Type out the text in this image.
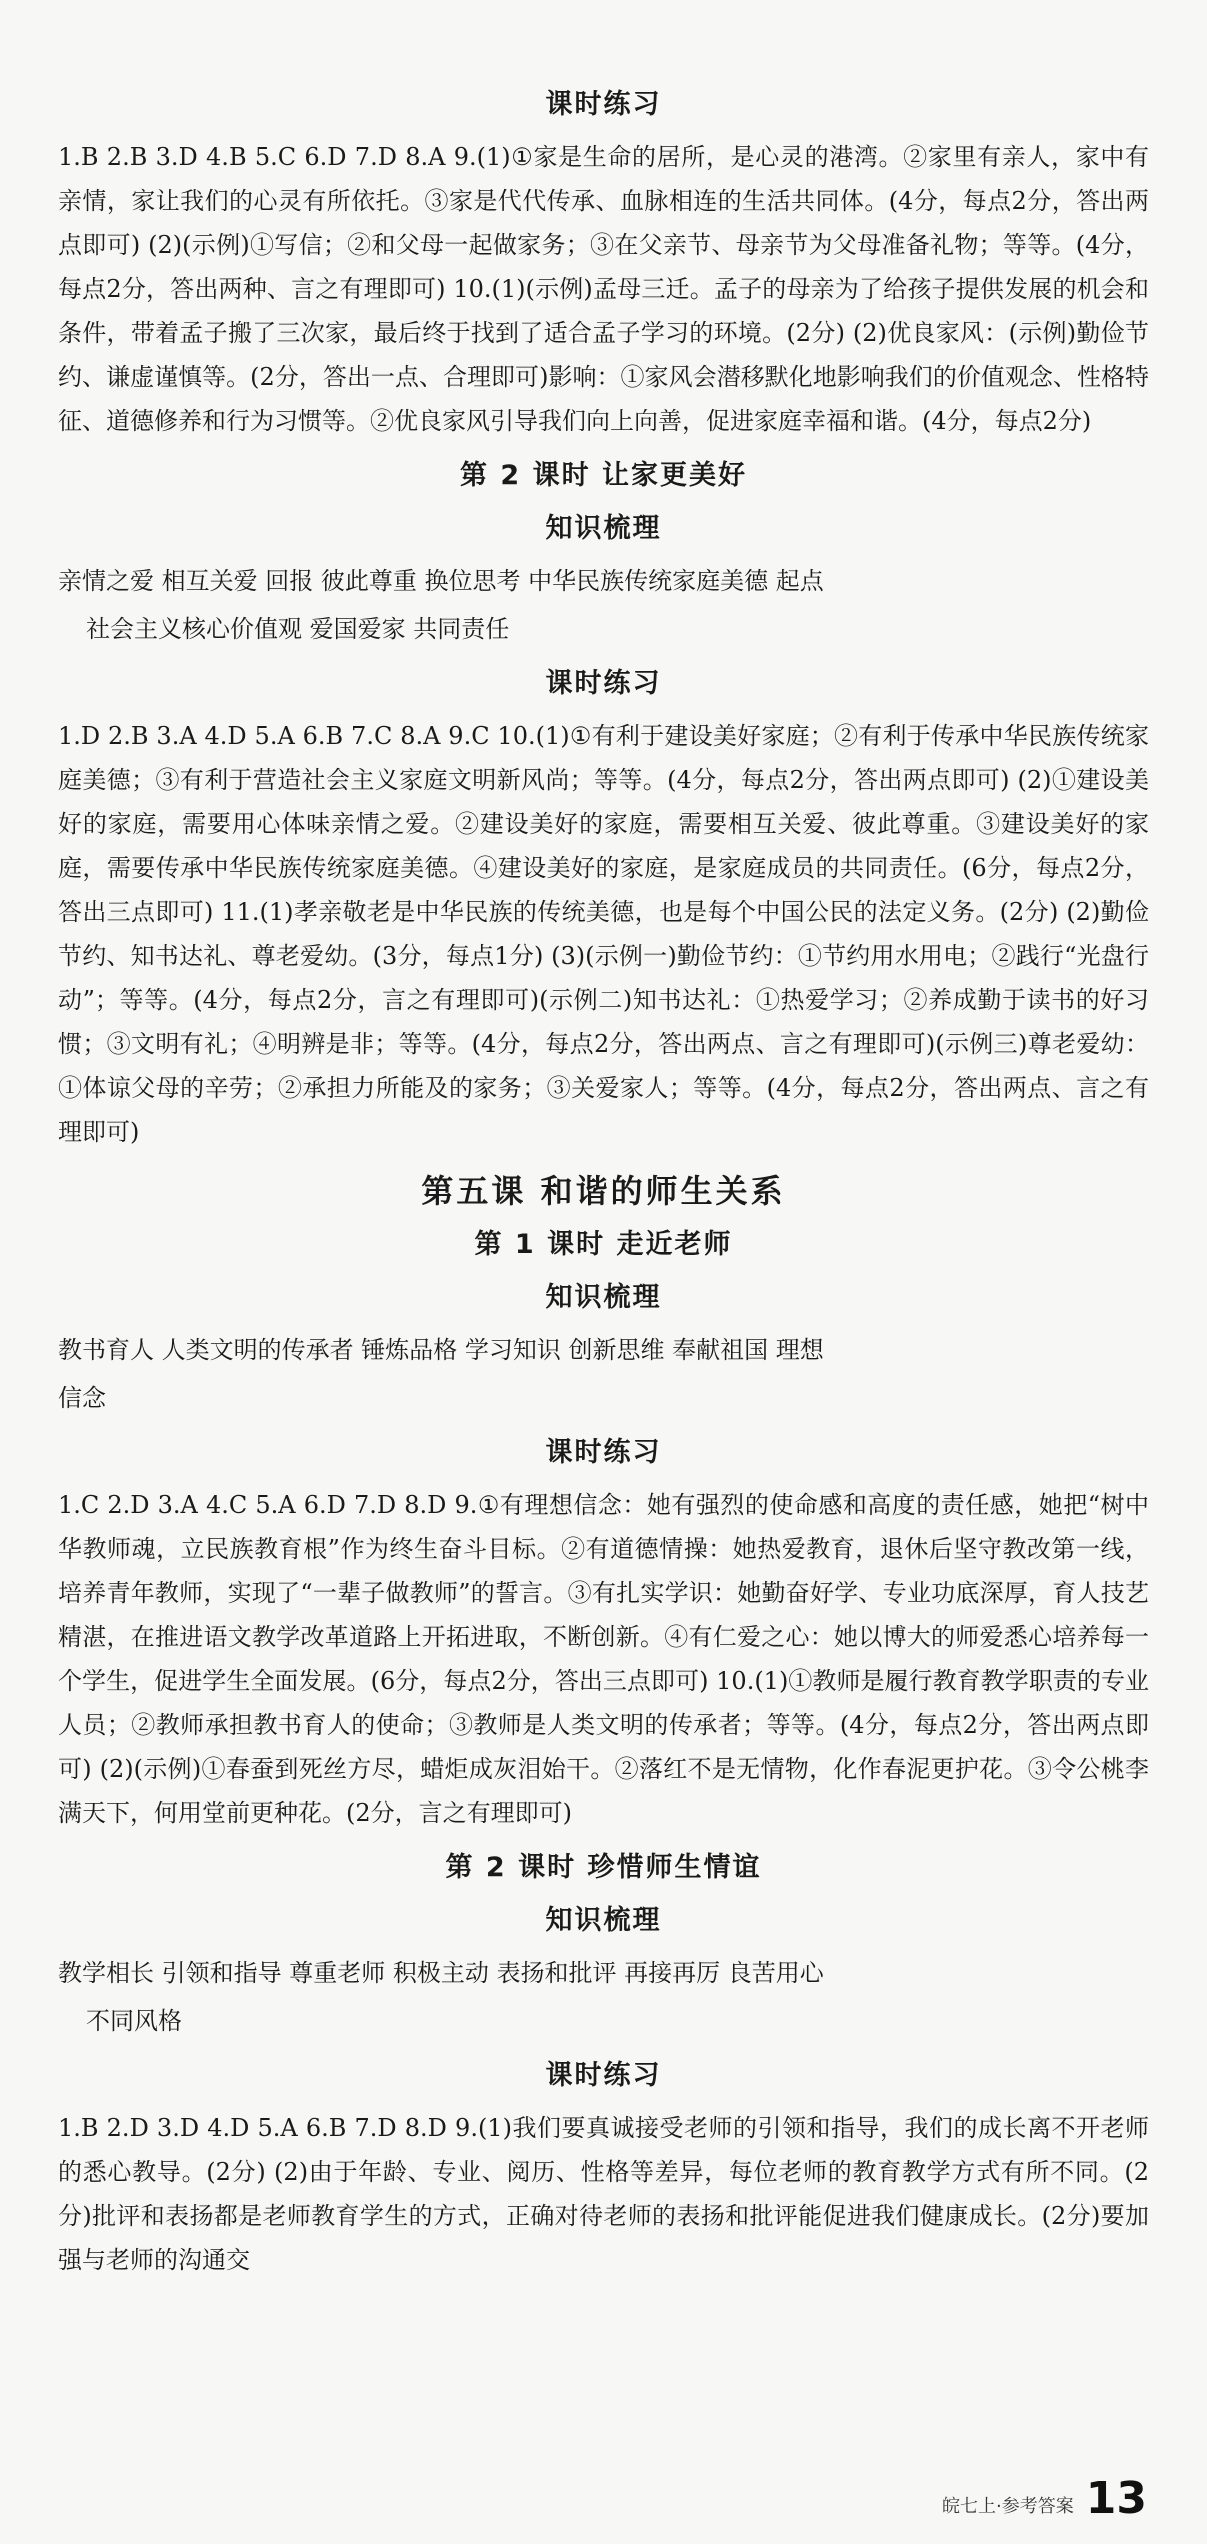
课时练习

1.B 2.B 3.D 4.B 5.C 6.D 7.D 8.A 9.(1)①家是生命的居所，是心灵的港湾。②家里有亲人，家中有亲情，家让我们的心灵有所依托。③家是代代传承、血脉相连的生活共同体。(4分，每点2分，答出两点即可) (2)(示例)①写信；②和父母一起做家务；③在父亲节、母亲节为父母准备礼物；等等。(4分，每点2分，答出两种、言之有理即可) 10.(1)(示例)孟母三迁。孟子的母亲为了给孩子提供发展的机会和条件，带着孟子搬了三次家，最后终于找到了适合孟子学习的环境。(2分) (2)优良家风：(示例)勤俭节约、谦虚谨慎等。(2分，答出一点、合理即可)影响：①家风会潜移默化地影响我们的价值观念、性格特征、道德修养和行为习惯等。②优良家风引导我们向上向善，促进家庭幸福和谐。(4分，每点2分)

第 2 课时 让家更美好
知识梳理

亲情之爱 相互关爱 回报 彼此尊重 换位思考 中华民族传统家庭美德 起点

社会主义核心价值观 爱国爱家 共同责任

课时练习

1.D 2.B 3.A 4.D 5.A 6.B 7.C 8.A 9.C 10.(1)①有利于建设美好家庭；②有利于传承中华民族传统家庭美德；③有利于营造社会主义家庭文明新风尚；等等。(4分，每点2分，答出两点即可) (2)①建设美好的家庭，需要用心体味亲情之爱。②建设美好的家庭，需要相互关爱、彼此尊重。③建设美好的家庭，需要传承中华民族传统家庭美德。④建设美好的家庭，是家庭成员的共同责任。(6分，每点2分，答出三点即可) 11.(1)孝亲敬老是中华民族的传统美德，也是每个中国公民的法定义务。(2分) (2)勤俭节约、知书达礼、尊老爱幼。(3分，每点1分) (3)(示例一)勤俭节约：①节约用水用电；②践行“光盘行动”；等等。(4分，每点2分，言之有理即可)(示例二)知书达礼：①热爱学习；②养成勤于读书的好习惯；③文明有礼；④明辨是非；等等。(4分，每点2分，答出两点、言之有理即可)(示例三)尊老爱幼：①体谅父母的辛劳；②承担力所能及的家务；③关爱家人；等等。(4分，每点2分，答出两点、言之有理即可)

第五课 和谐的师生关系
第 1 课时 走近老师
知识梳理

教书育人 人类文明的传承者 锤炼品格 学习知识 创新思维 奉献祖国 理想

信念

课时练习

1.C 2.D 3.A 4.C 5.A 6.D 7.D 8.D 9.①有理想信念：她有强烈的使命感和高度的责任感，她把“树中华教师魂，立民族教育根”作为终生奋斗目标。②有道德情操：她热爱教育，退休后坚守教改第一线，培养青年教师，实现了“一辈子做教师”的誓言。③有扎实学识：她勤奋好学、专业功底深厚，育人技艺精湛，在推进语文教学改革道路上开拓进取，不断创新。④有仁爱之心：她以博大的师爱悉心培养每一个学生，促进学生全面发展。(6分，每点2分，答出三点即可) 10.(1)①教师是履行教育教学职责的专业人员；②教师承担教书育人的使命；③教师是人类文明的传承者；等等。(4分，每点2分，答出两点即可) (2)(示例)①春蚕到死丝方尽，蜡炬成灰泪始干。②落红不是无情物，化作春泥更护花。③令公桃李满天下，何用堂前更种花。(2分，言之有理即可)

第 2 课时 珍惜师生情谊
知识梳理

教学相长 引领和指导 尊重老师 积极主动 表扬和批评 再接再厉 良苦用心

不同风格

课时练习

1.B 2.D 3.D 4.D 5.A 6.B 7.D 8.D 9.(1)我们要真诚接受老师的引领和指导，我们的成长离不开老师的悉心教导。(2分) (2)由于年龄、专业、阅历、性格等差异，每位老师的教育教学方式有所不同。(2分)批评和表扬都是老师教育学生的方式，正确对待老师的表扬和批评能促进我们健康成长。(2分)要加强与老师的沟通交

皖七上·参考答案 13
